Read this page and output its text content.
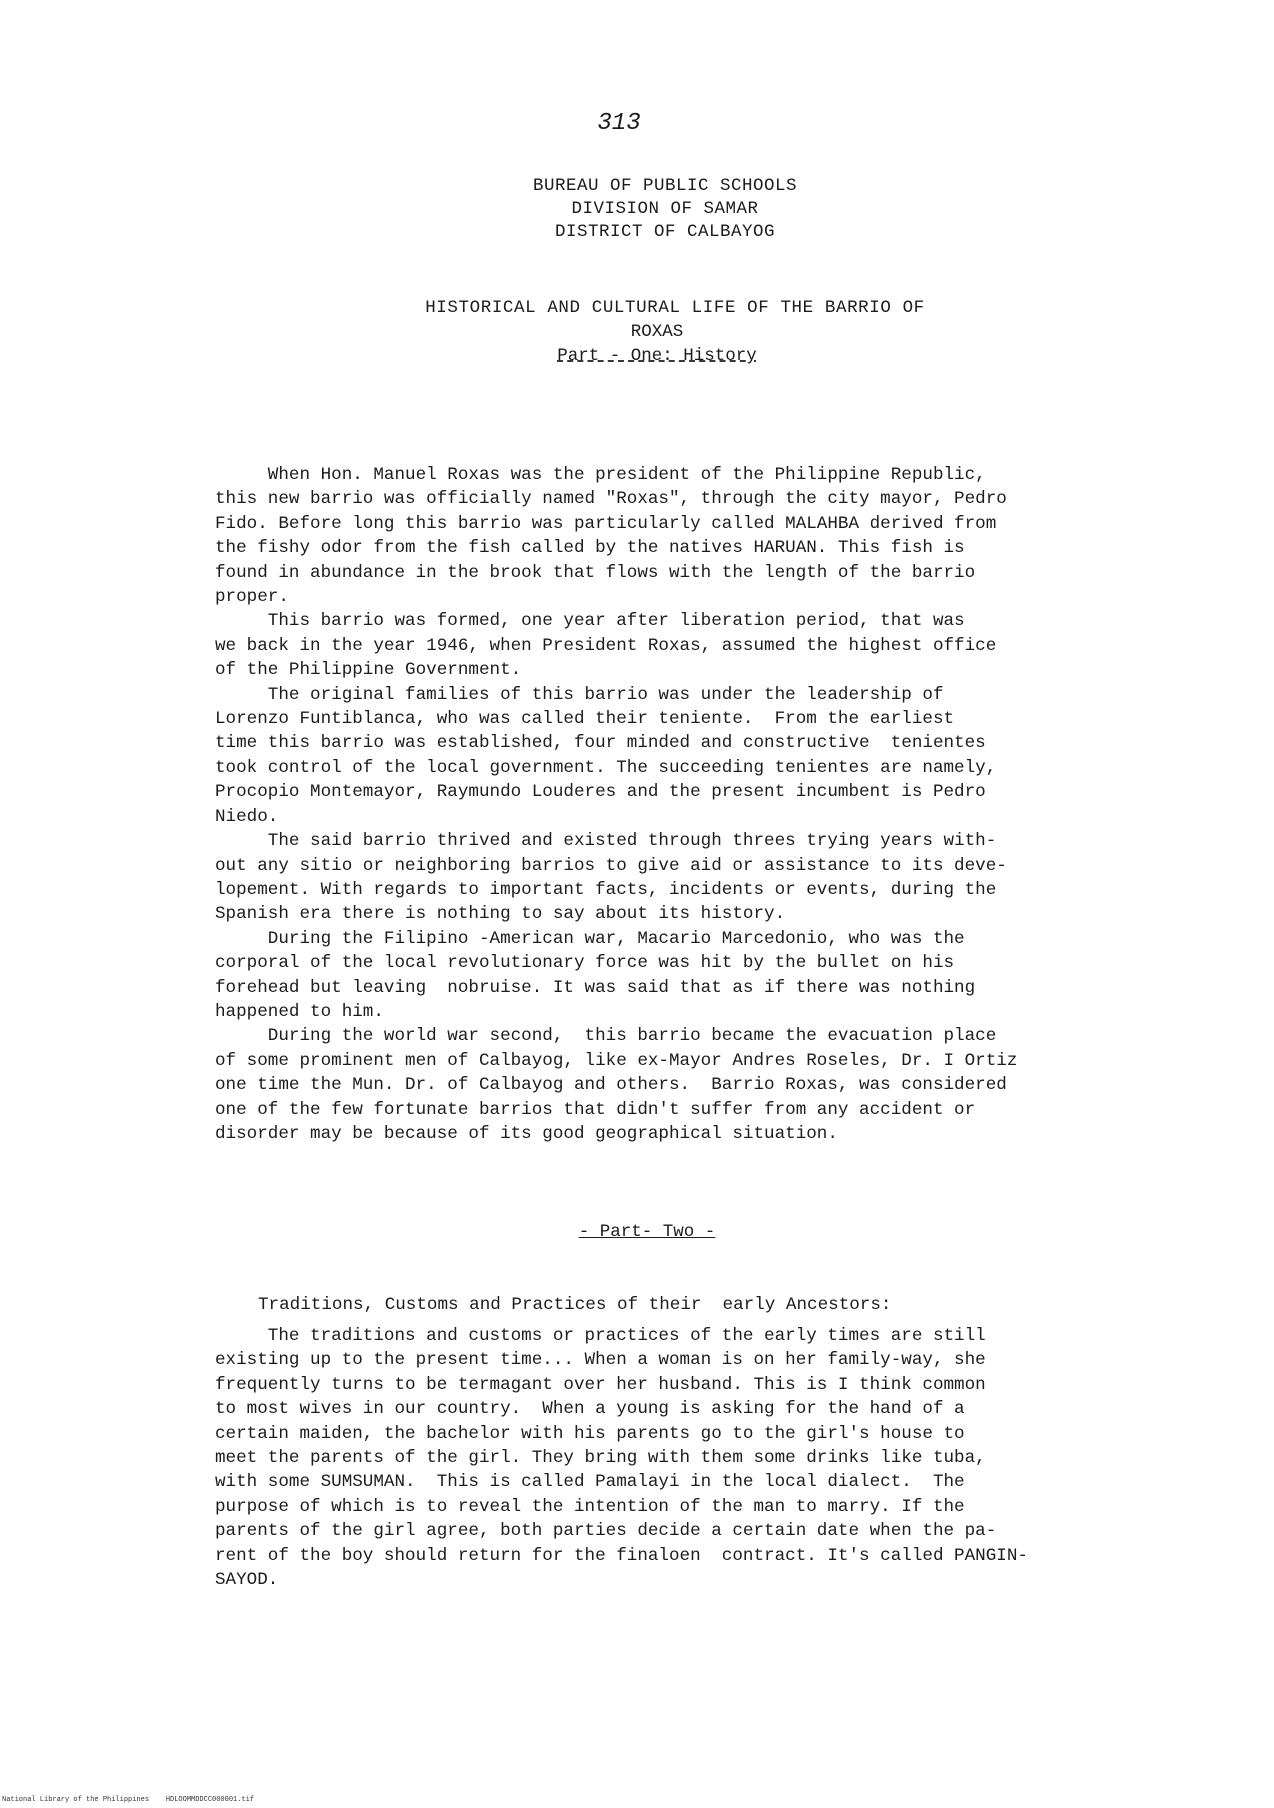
313
BUREAU OF PUBLIC SCHOOLS
DIVISION OF SAMAR
DISTRICT OF CALBAYOG
HISTORICAL AND CULTURAL LIFE OF THE BARRIO OF
ROXAS
Part - One: History
When Hon. Manuel Roxas was the president of the Philippine Republic,
this new barrio was officially named "Roxas", through the city mayor, Pedro
Fido. Before long this barrio was particularly called MALAHBA derived from
the fishy odor from the fish called by the natives HARUAN. This fish is
found in abundance in the brook that flows with the length of the barrio
proper.
This barrio was formed, one year after liberation period, that was
we back in the year 1946, when President Roxas, assumed the highest office
of the Philippine Government.
The original families of this barrio was under the leadership of
Lorenzo Funtiblanca, who was called their teniente.  From the earliest
time this barrio was established, four minded and constructive  tenientes
took control of the local government. The succeeding tenientes are namely,
Procopio Montemayor, Raymundo Louderes and the present incumbent is Pedro
Niedo.
The said barrio thrived and existed through threes trying years with-
out any sitio or neighboring barrios to give aid or assistance to its deve-
lopement. With regards to important facts, incidents or events, during the
Spanish era there is nothing to say about its history.
During the Filipino -American war, Macario Marcedonio, who was the
corporal of the local revolutionary force was hit by the bullet on his
forehead but leaving  nobruise. It was said that as if there was nothing
happened to him.
During the world war second,  this barrio became the evacuation place
of some prominent men of Calbayog, like ex-Mayor Andres Roseles, Dr. I Ortiz
one time the Mun. Dr. of Calbayog and others.  Barrio Roxas, was considered
one of the few fortunate barrios that didn't suffer from any accident or
disorder may be because of its good geographical situation.
- Part- Two -
Traditions, Customs and Practices of their  early Ancestors:
The traditions and customs or practices of the early times are still
existing up to the present time... When a woman is on her family-way, she
frequently turns to be termagant over her husband. This is I think common
to most wives in our country.  When a young is asking for the hand of a
certain maiden, the bachelor with his parents go to the girl's house to
meet the parents of the girl. They bring with them some drinks like tuba,
with some SUMSUMAN.  This is called Pamalayi in the local dialect.  The
purpose of which is to reveal the intention of the man to marry. If the
parents of the girl agree, both parties decide a certain date when the pa-
rent of the boy should return for the finaloen  contract. It's called PANGIN-
SAYOD.
National Library of the Philippines    HDLOOMMDDCC000001.tif
